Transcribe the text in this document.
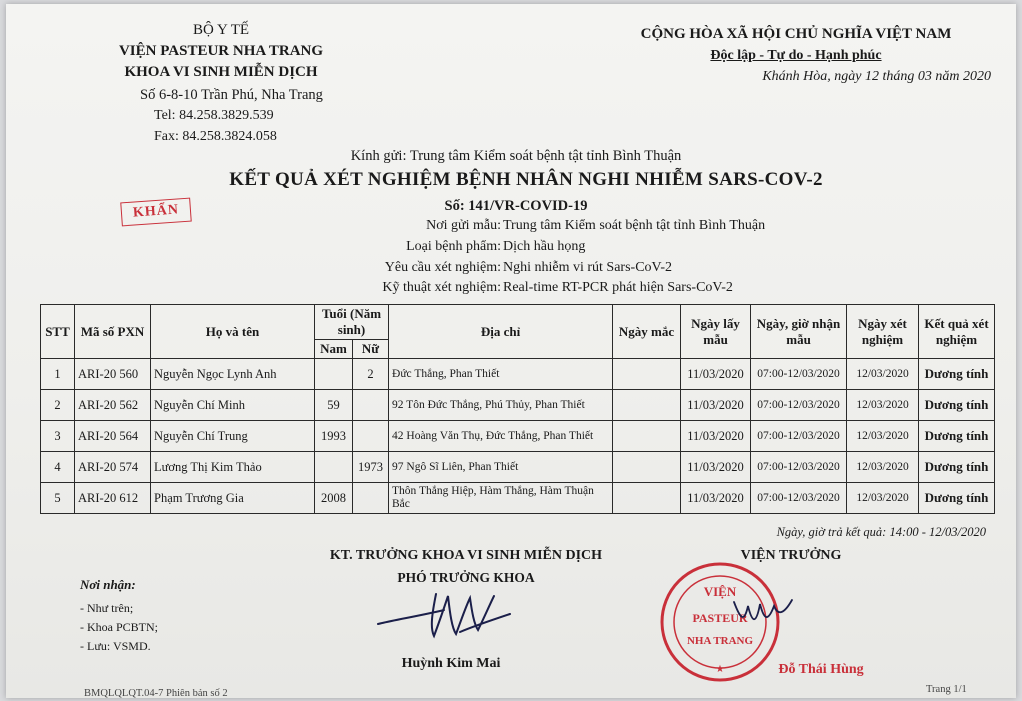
BỘ Y TẾ
VIỆN PASTEUR NHA TRANG
KHOA VI SINH MIỄN DỊCH
Số 6-8-10 Trần Phú, Nha Trang
Tel: 84.258.3829.539
Fax: 84.258.3824.058
CỘNG HÒA XÃ HỘI CHỦ NGHĨA VIỆT NAM
Độc lập - Tự do - Hạnh phúc
Khánh Hòa, ngày 12 tháng 03 năm 2020
Kính gửi: Trung tâm Kiểm soát bệnh tật tỉnh Bình Thuận
KẾT QUẢ XÉT NGHIỆM BỆNH NHÂN NGHI NHIỄM SARS-COV-2
Số: 141/VR-COVID-19
KHẨN
Nơi gửi mẫu: Trung tâm Kiểm soát bệnh tật tỉnh Bình Thuận
Loại bệnh phẩm: Dịch hầu họng
Yêu cầu xét nghiệm: Nghi nhiễm vi rút Sars-CoV-2
Kỹ thuật xét nghiệm: Real-time RT-PCR phát hiện Sars-CoV-2
STT	Mã số PXN	Họ và tên	Tuổi (Năm sinh)		Địa chỉ	Ngày mắc	Ngày lấy mẫu	Ngày, giờ nhận mẫu	Ngày xét nghiệm	Kết quả xét nghiệm
			Nam	Nữ						
1	ARI-20 560	Nguyễn Ngọc Lynh Anh		2	Đức Thắng, Phan Thiết		11/03/2020	07:00-12/03/2020	12/03/2020	Dương tính
2	ARI-20 562	Nguyễn Chí Minh	59		92 Tôn Đức Thắng, Phú Thủy, Phan Thiết		11/03/2020	07:00-12/03/2020	12/03/2020	Dương tính
3	ARI-20 564	Nguyễn Chí Trung	1993		42 Hoàng Văn Thụ, Đức Thắng, Phan Thiết		11/03/2020	07:00-12/03/2020	12/03/2020	Dương tính
4	ARI-20 574	Lương Thị Kim Thảo		1973	97 Ngô Sĩ Liên, Phan Thiết		11/03/2020	07:00-12/03/2020	12/03/2020	Dương tính
5	ARI-20 612	Phạm Trương Gia	2008		Thôn Thắng Hiệp, Hàm Thắng, Hàm Thuận Bắc		11/03/2020	07:00-12/03/2020	12/03/2020	Dương tính
Ngày, giờ trả kết quả: 14:00 - 12/03/2020
KT. TRƯỞNG KHOA VI SINH MIỄN DỊCH
PHÓ TRƯỞNG KHOA
VIỆN TRƯỞNG
Nơi nhận:
- Như trên;
- Khoa PCBTN;
- Lưu: VSMD.
Huỳnh Kim Mai
VIỆN
PASTEUR
NHA TRANG
★	Đỗ Thái Hùng
BMQLQLQT.04-7 Phiên bản số 2	Trang 1/1
